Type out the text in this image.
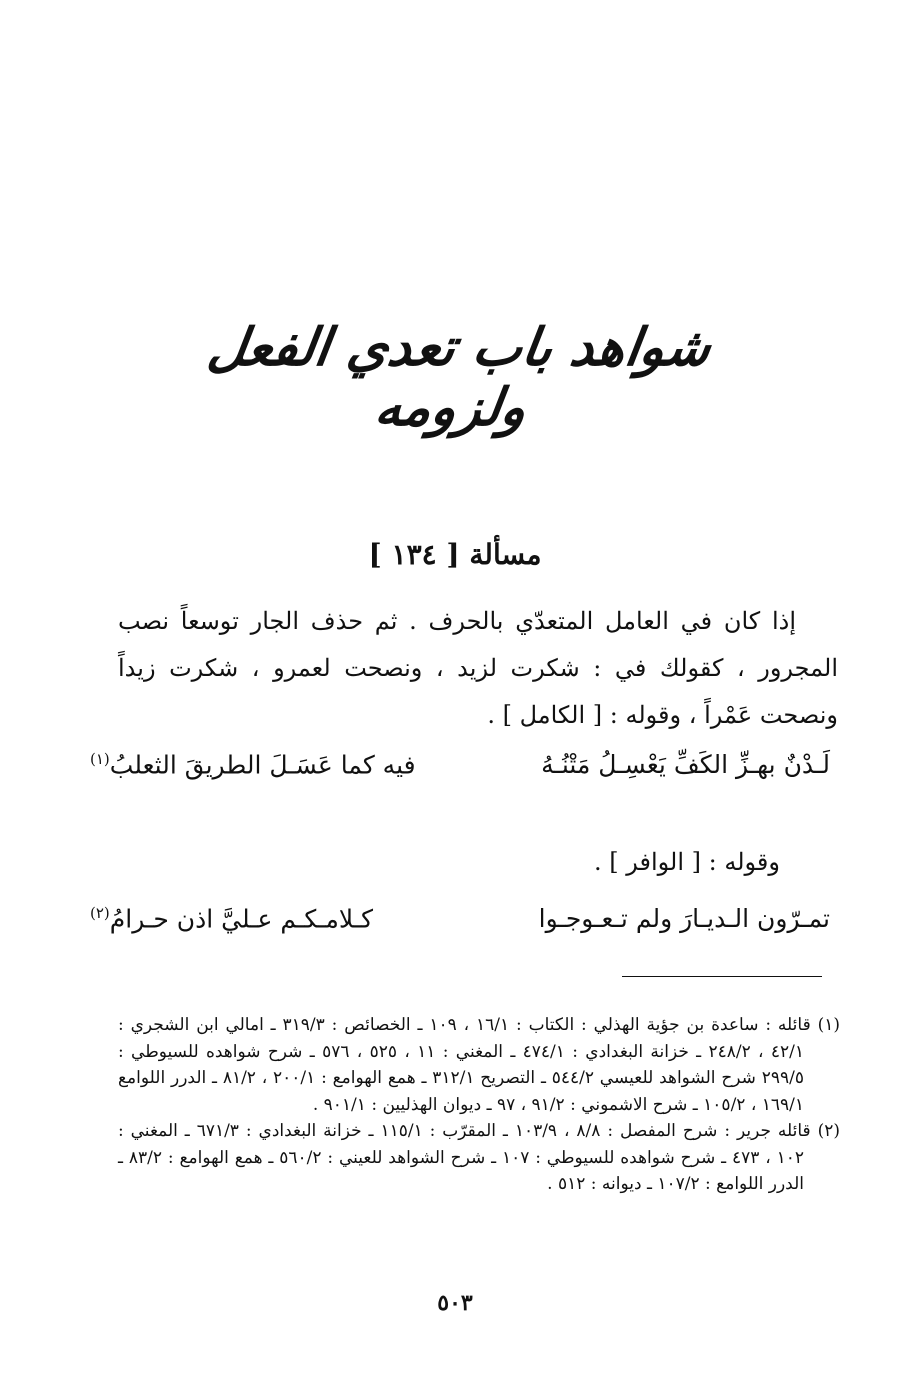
شواهد باب تعدي الفعل ولزومه
مسألة [ ١٣٤ ]

إذا كان في العامل المتعدّي بالحرف . ثم حذف الجار توسعاً نصب المجرور ، كقولك في : شكرت لزيد ، ونصحت لعمرو ، شكرت زيداً ونصحت عَمْراً ، وقوله : [ الكامل ] .

لَـدْنٌ بهـزِّ الكَفِّ يَعْسِـلُ مَتْنُـهُ
فيه كما عَسَـلَ الطريقَ الثعلبُ$^{(١)}$
وقوله : [ الوافر ] .
تمـرّون الـديـارَ ولم تـعـوجـوا
كـلامـكـم عـليَّ اذن حـرامُ$^{(٢)}$

(١) قائله : ساعدة بن جؤية الهذلي : الكتاب : ١٦/١ ، ١٠٩ ـ الخصائص : ٣١٩/٣ ـ امالي ابن الشجري : ٤٢/١ ، ٢٤٨/٢ ـ خزانة البغدادي : ٤٧٤/١ ـ المغني : ١١ ، ٥٢٥ ، ٥٧٦ ـ شرح شواهده للسيوطي : ٢٩٩/٥ شرح الشواهد للعيسي ٥٤٤/٢ ـ التصريح ٣١٢/١ ـ همع الهوامع : ٢٠٠/١ ، ٨١/٢ ـ الدرر اللوامع ١٦٩/١ ، ١٠٥/٢ ـ شرح الاشموني : ٩١/٢ ، ٩٧ ـ ديوان الهذليين : ٩٠١/١ .

(٢) قائله جرير : شرح المفصل : ٨/٨ ، ١٠٣/٩ ـ المقرّب : ١١٥/١ ـ خزانة البغدادي : ٦٧١/٣ ـ المغني : ١٠٢ ، ٤٧٣ ـ شرح شواهده للسيوطي : ١٠٧ ـ شرح الشواهد للعيني : ٥٦٠/٢ ـ همع الهوامع : ٨٣/٢ ـ الدرر اللوامع : ١٠٧/٢ ـ ديوانه : ٥١٢ .

٥٠٣
